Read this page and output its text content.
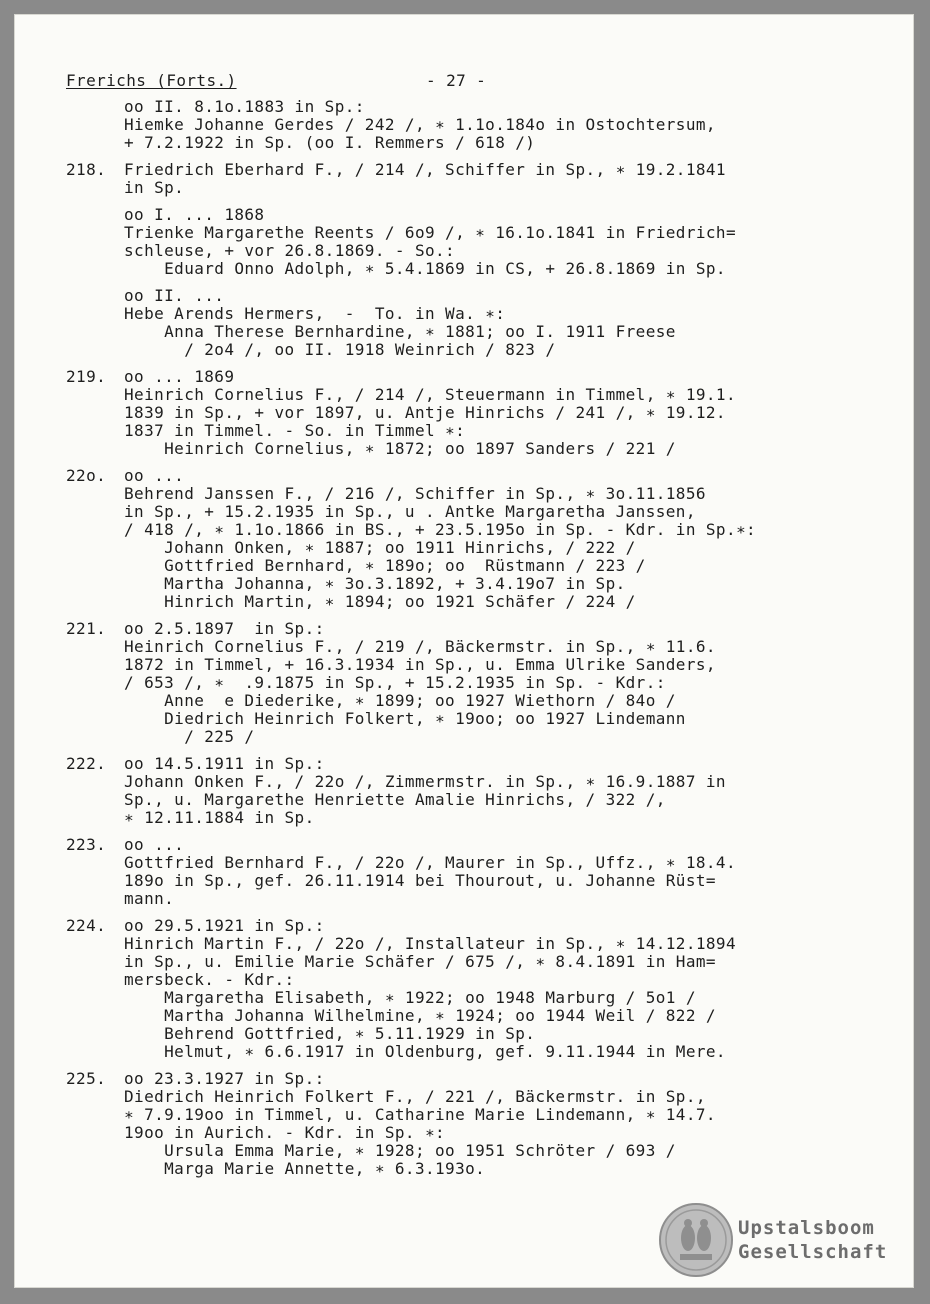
Frerichs (Forts.)	- 27 -
oo II. 8.1o.1883 in Sp.:
Hiemke Johanne Gerdes / 242 /, ∗ 1.1o.184o in Ostochtersum,
+ 7.2.1922 in Sp. (oo I. Remmers / 618 /)
218. Friedrich Eberhard F., / 214 /, Schiffer in Sp., ∗ 19.2.1841
in Sp.
oo I. ... 1868
Trienke Margarethe Reents / 6o9 /, ∗ 16.1o.1841 in Friedrich=
schleuse, + vor 26.8.1869. - So.:
Eduard Onno Adolph, ∗ 5.4.1869 in CS, + 26.8.1869 in Sp.
oo II. ...
Hebe Arends Hermers,  -  To. in Wa. ∗:
Anna Therese Bernhardine, ∗ 1881; oo I. 1911 Freese
/ 2o4 /, oo II. 1918 Weinrich / 823 /
219. oo ... 1869
Heinrich Cornelius F., / 214 /, Steuermann in Timmel, ∗ 19.1.
1839 in Sp., + vor 1897, u. Antje Hinrichs / 241 /, ∗ 19.12.
1837 in Timmel. - So. in Timmel ∗:
Heinrich Cornelius, ∗ 1872; oo 1897 Sanders / 221 /
22o. oo ...
Behrend Janssen F., / 216 /, Schiffer in Sp., ∗ 3o.11.1856
in Sp., + 15.2.1935 in Sp., u . Antke Margaretha Janssen,
/ 418 /, ∗ 1.1o.1866 in BS., + 23.5.195o in Sp. - Kdr. in Sp.∗:
Johann Onken, ∗ 1887; oo 1911 Hinrichs, / 222 /
Gottfried Bernhard, ∗ 189o; oo  Rüstmann / 223 /
Martha Johanna, ∗ 3o.3.1892, + 3.4.19o7 in Sp.
Hinrich Martin, ∗ 1894; oo 1921 Schäfer / 224 /
221. oo 2.5.1897  in Sp.:
Heinrich Cornelius F., / 219 /, Bäckermstr. in Sp., ∗ 11.6.
1872 in Timmel, + 16.3.1934 in Sp., u. Emma Ulrike Sanders,
/ 653 /, ∗  .9.1875 in Sp., + 15.2.1935 in Sp. - Kdr.:
Anne  e Diederike, ∗ 1899; oo 1927 Wiethorn / 84o /
Diedrich Heinrich Folkert, ∗ 19oo; oo 1927 Lindemann
/ 225 /
222. oo 14.5.1911 in Sp.:
Johann Onken F., / 22o /, Zimmermstr. in Sp., ∗ 16.9.1887 in
Sp., u. Margarethe Henriette Amalie Hinrichs, / 322 /,
∗ 12.11.1884 in Sp.
223. oo ...
Gottfried Bernhard F., / 22o /, Maurer in Sp., Uffz., ∗ 18.4.
189o in Sp., gef. 26.11.1914 bei Thourout, u. Johanne Rüst=
mann.
224. oo 29.5.1921 in Sp.:
Hinrich Martin F., / 22o /, Installateur in Sp., ∗ 14.12.1894
in Sp., u. Emilie Marie Schäfer / 675 /, ∗ 8.4.1891 in Ham=
mersbeck. - Kdr.:
Margaretha Elisabeth, ∗ 1922; oo 1948 Marburg / 5o1 /
Martha Johanna Wilhelmine, ∗ 1924; oo 1944 Weil / 822 /
Behrend Gottfried, ∗ 5.11.1929 in Sp.
Helmut, ∗ 6.6.1917 in Oldenburg, gef. 9.11.1944 in Mere.
225. oo 23.3.1927 in Sp.:
Diedrich Heinrich Folkert F., / 221 /, Bäckermstr. in Sp.,
∗ 7.9.19oo in Timmel, u. Catharine Marie Lindemann, ∗ 14.7.
19oo in Aurich. - Kdr. in Sp. ∗:
Ursula Emma Marie, ∗ 1928; oo 1951 Schröter / 693 /
Marga Marie Annette, ∗ 6.3.193o.
Upstalsboom
Gesellschaft
